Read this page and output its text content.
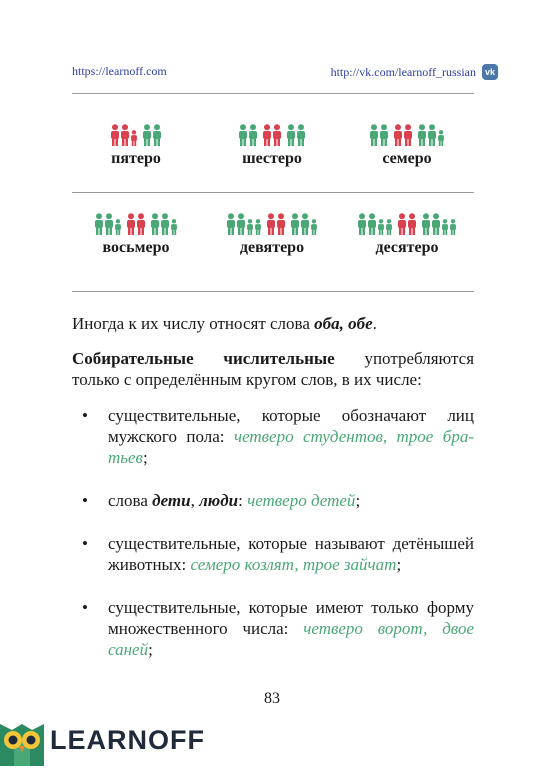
https://learnoff.com	http://vk.com/learnoff_russian vk
пятеро	шестеро	семеро
восьмеро	девятеро	десятеро
Иногда к их числу относят слова оба, обе.
Собирательные числительные употребляются только с определённым кругом слов, в их числе:
• существительные, которые обозначают лиц мужского пола: четверо студентов, трое братьев;
• слова дети, люди: четверо детей;
• существительные, которые называют детёнышей животных: семеро козлят, трое зайчат;
• существительные, которые имеют только форму множественного числа: четверо ворот, двое саней;
83
LEARNOFF
